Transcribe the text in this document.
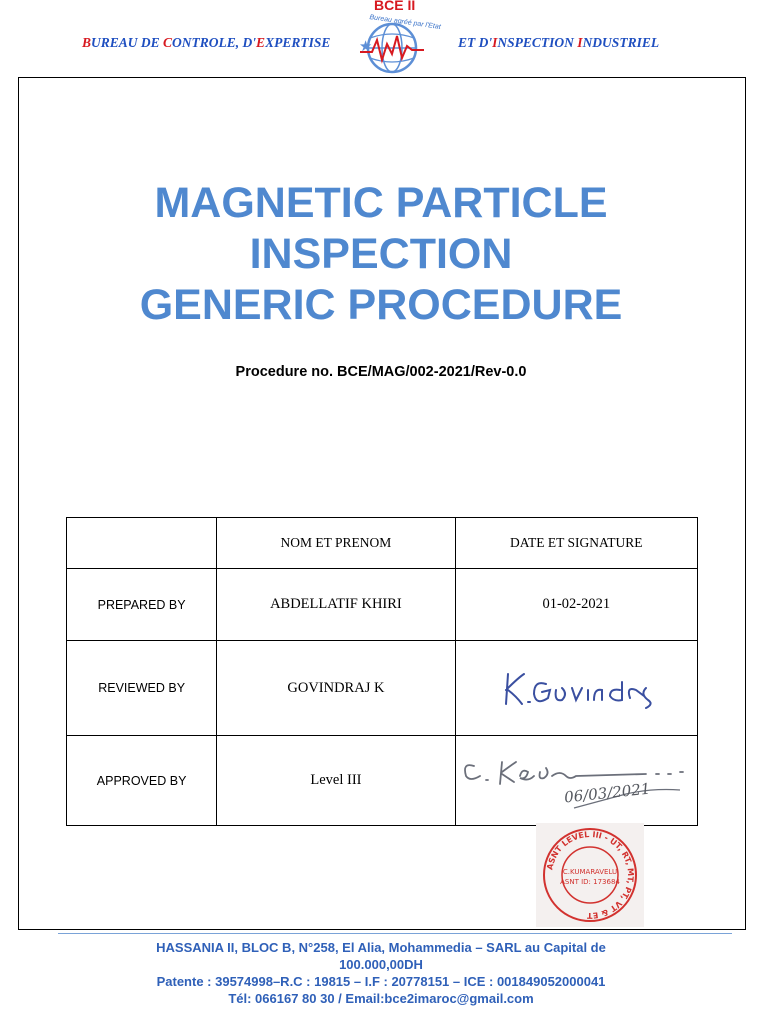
BUREAU DE CONTROLE, D'EXPERTISE
BCE II
Bureau agréé par l'Etat
ET D'INSPECTION INDUSTRIEL
MAGNETIC PARTICLE
INSPECTION
GENERIC PROCEDURE
Procedure no. BCE/MAG/002-2021/Rev-0.0
	NOM ET PRENOM	DATE ET SIGNATURE
PREPARED BY	ABDELLATIF KHIRI	01-02-2021
REVIEWED BY	GOVINDRAJ K	
APPROVED BY	Level III	06/03/2021
ASNT LEVEL III - UT, RT, MT, PT, VT & ET
C.KUMARAVELU
ASNT ID: 173684
HASSANIA II, BLOC B, N°258, El Alia, Mohammedia – SARL au Capital de
100.000,00DH
Patente : 39574998–R.C : 19815 – I.F : 20778151 – ICE : 001849052000041
Tél: 066167 80 30 / Email:bce2imaroc@gmail.com
